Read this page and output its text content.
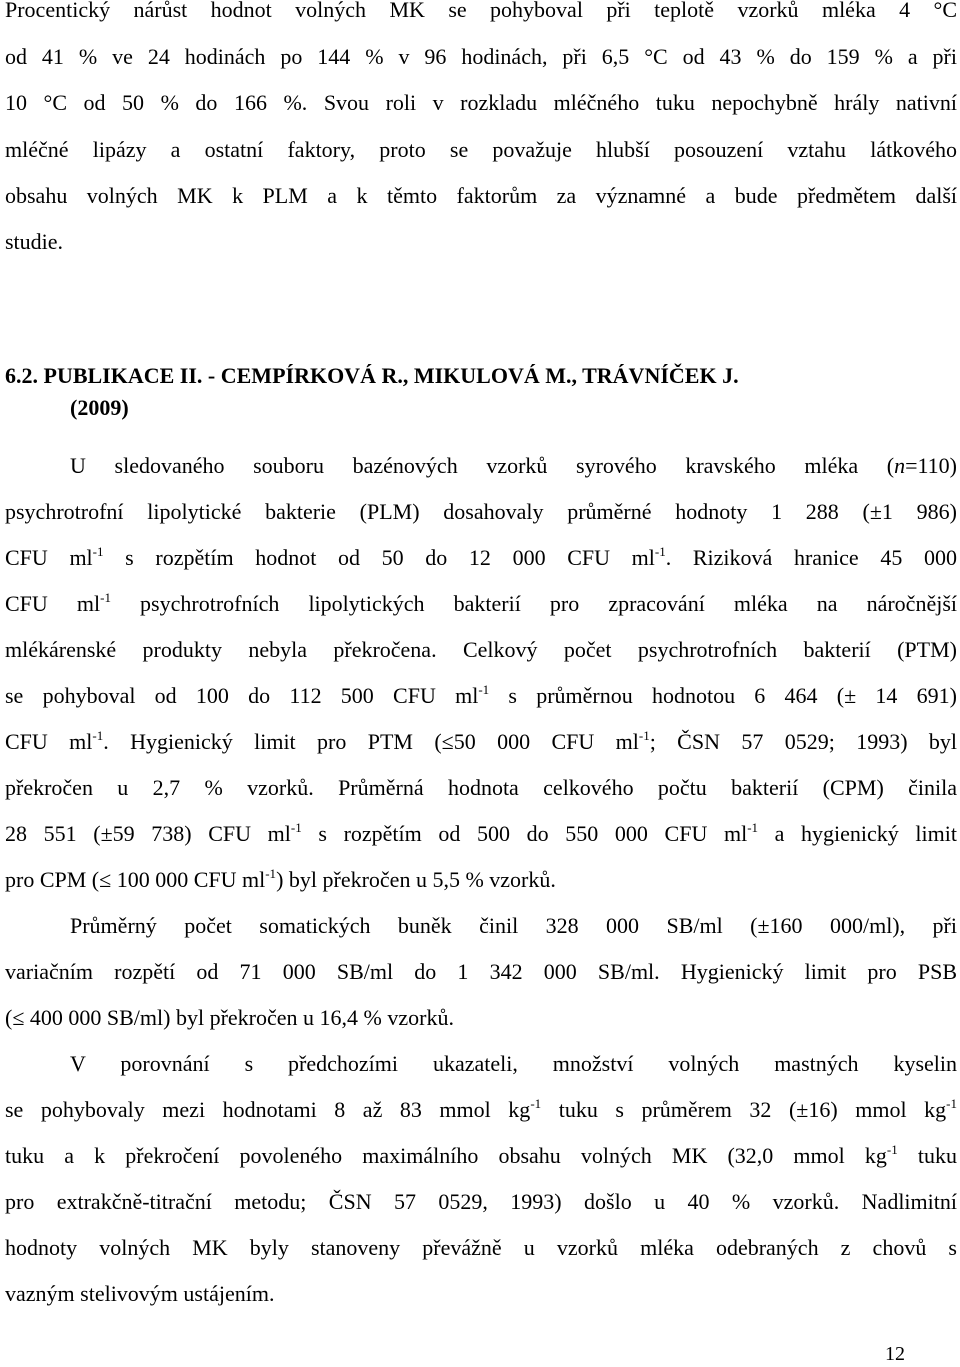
Procentický nárůst hodnot volných MK se pohyboval při teplotě vzorků mléka 4 °C
od 41 % ve 24 hodinách po 144 % v 96 hodinách, při 6,5 °C od 43 % do 159 % a při
10 °C od 50 % do 166 %. Svou roli v rozkladu mléčného tuku nepochybně hrály nativní
mléčné lipázy a ostatní faktory, proto se považuje hlubší posouzení vztahu látkového
obsahu volných MK k PLM a k těmto faktorům za významné a bude předmětem další
studie.
6.2. PUBLIKACE II. - CEMPÍRKOVÁ R., MIKULOVÁ M., TRÁVNÍČEK J.
(2009)
U sledovaného souboru bazénových vzorků syrového kravského mléka (n=110)
psychrotrofní lipolytické bakterie (PLM) dosahovaly průměrné hodnoty 1 288 (±1 986)
CFU $ml^{-1}$ s rozpětím hodnot od 50 do 12 000 CFU $ml^{-1}$. Riziková hranice 45 000
CFU $ml^{-1}$ psychrotrofních lipolytických bakterií pro zpracování mléka na náročnější
mlékárenské produkty nebyla překročena. Celkový počet psychrotrofních bakterií (PTM)
se pohyboval od 100 do 112 500 CFU $ml^{-1}$ s průměrnou hodnotou 6 464 (± 14 691)
CFU $ml^{-1}$. Hygienický limit pro PTM (≤50 000 CFU $ml^{-1}$; ČSN 57 0529; 1993) byl
překročen u 2,7 % vzorků. Průměrná hodnota celkového počtu bakterií (CPM) činila
28 551 (±59 738) CFU $ml^{-1}$ s rozpětím od 500 do 550 000 CFU $ml^{-1}$ a hygienický limit
pro CPM (≤ 100 000 CFU $ml^{-1}$) byl překročen u 5,5 % vzorků.
Průměrný počet somatických buněk činil 328 000 SB/ml (±160 000/ml), při
variačním rozpětí od 71 000 SB/ml do 1 342 000 SB/ml. Hygienický limit pro PSB
(≤ 400 000 SB/ml) byl překročen u 16,4 % vzorků.
V porovnání s předchozími ukazateli, množství volných mastných kyselin
se pohybovaly mezi hodnotami 8 až 83 mmol $kg^{-1}$ tuku s průměrem 32 (±16) mmol $kg^{-1}$
tuku a k překročení povoleného maximálního obsahu volných MK (32,0 mmol $kg^{-1}$ tuku
pro extrakčně-titrační metodu; ČSN 57 0529, 1993) došlo u 40 % vzorků. Nadlimitní
hodnoty volných MK byly stanoveny převážně u vzorků mléka odebraných z chovů s
vazným stelivovým ustájením.
12
